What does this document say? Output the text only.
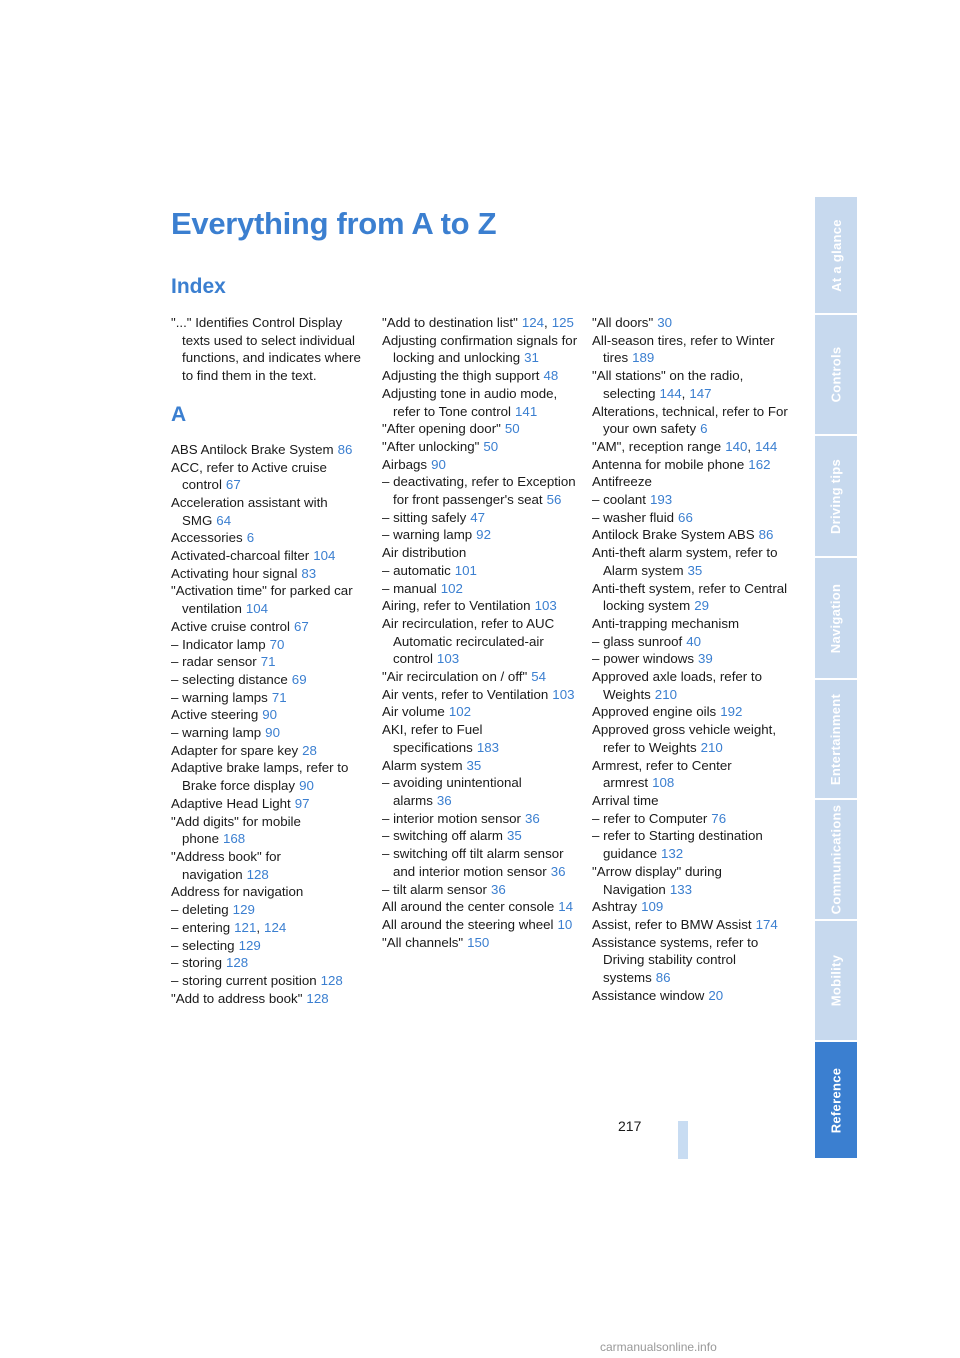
Everything from A to Z
Index
"..." Identifies Control Display texts used to select individual functions, and indicates where to find them in the text.
A
ABS Antilock Brake System 86
ACC, refer to Active cruise control 67
Acceleration assistant with SMG 64
Accessories 6
Activated-charcoal filter 104
Activating hour signal 83
"Activation time" for parked car ventilation 104
Active cruise control 67
– Indicator lamp 70
– radar sensor 71
– selecting distance 69
– warning lamps 71
Active steering 90
– warning lamp 90
Adapter for spare key 28
Adaptive brake lamps, refer to Brake force display 90
Adaptive Head Light 97
"Add digits" for mobile phone 168
"Address book" for navigation 128
Address for navigation
– deleting 129
– entering 121, 124
– selecting 129
– storing 128
– storing current position 128
"Add to address book" 128
"Add to destination list" 124, 125
Adjusting confirmation signals for locking and unlocking 31
Adjusting the thigh support 48
Adjusting tone in audio mode, refer to Tone control 141
"After opening door" 50
"After unlocking" 50
Airbags 90
– deactivating, refer to Exception for front passenger's seat 56
– sitting safely 47
– warning lamp 92
Air distribution
– automatic 101
– manual 102
Airing, refer to Ventilation 103
Air recirculation, refer to AUC Automatic recirculated-air control 103
"Air recirculation on / off" 54
Air vents, refer to Ventilation 103
Air volume 102
AKI, refer to Fuel specifications 183
Alarm system 35
– avoiding unintentional alarms 36
– interior motion sensor 36
– switching off alarm 35
– switching off tilt alarm sensor and interior motion sensor 36
– tilt alarm sensor 36
All around the center console 14
All around the steering wheel 10
"All channels" 150
"All doors" 30
All-season tires, refer to Winter tires 189
"All stations" on the radio, selecting 144, 147
Alterations, technical, refer to For your own safety 6
"AM", reception range 140, 144
Antenna for mobile phone 162
Antifreeze
– coolant 193
– washer fluid 66
Antilock Brake System ABS 86
Anti-theft alarm system, refer to Alarm system 35
Anti-theft system, refer to Central locking system 29
Anti-trapping mechanism
– glass sunroof 40
– power windows 39
Approved axle loads, refer to Weights 210
Approved engine oils 192
Approved gross vehicle weight, refer to Weights 210
Armrest, refer to Center armrest 108
Arrival time
– refer to Computer 76
– refer to Starting destination guidance 132
"Arrow display" during Navigation 133
Ashtray 109
Assist, refer to BMW Assist 174
Assistance systems, refer to Driving stability control systems 86
Assistance window 20
217
At a glance
Controls
Driving tips
Navigation
Entertainment
Communications
Mobility
Reference
carmanualsonline.info
